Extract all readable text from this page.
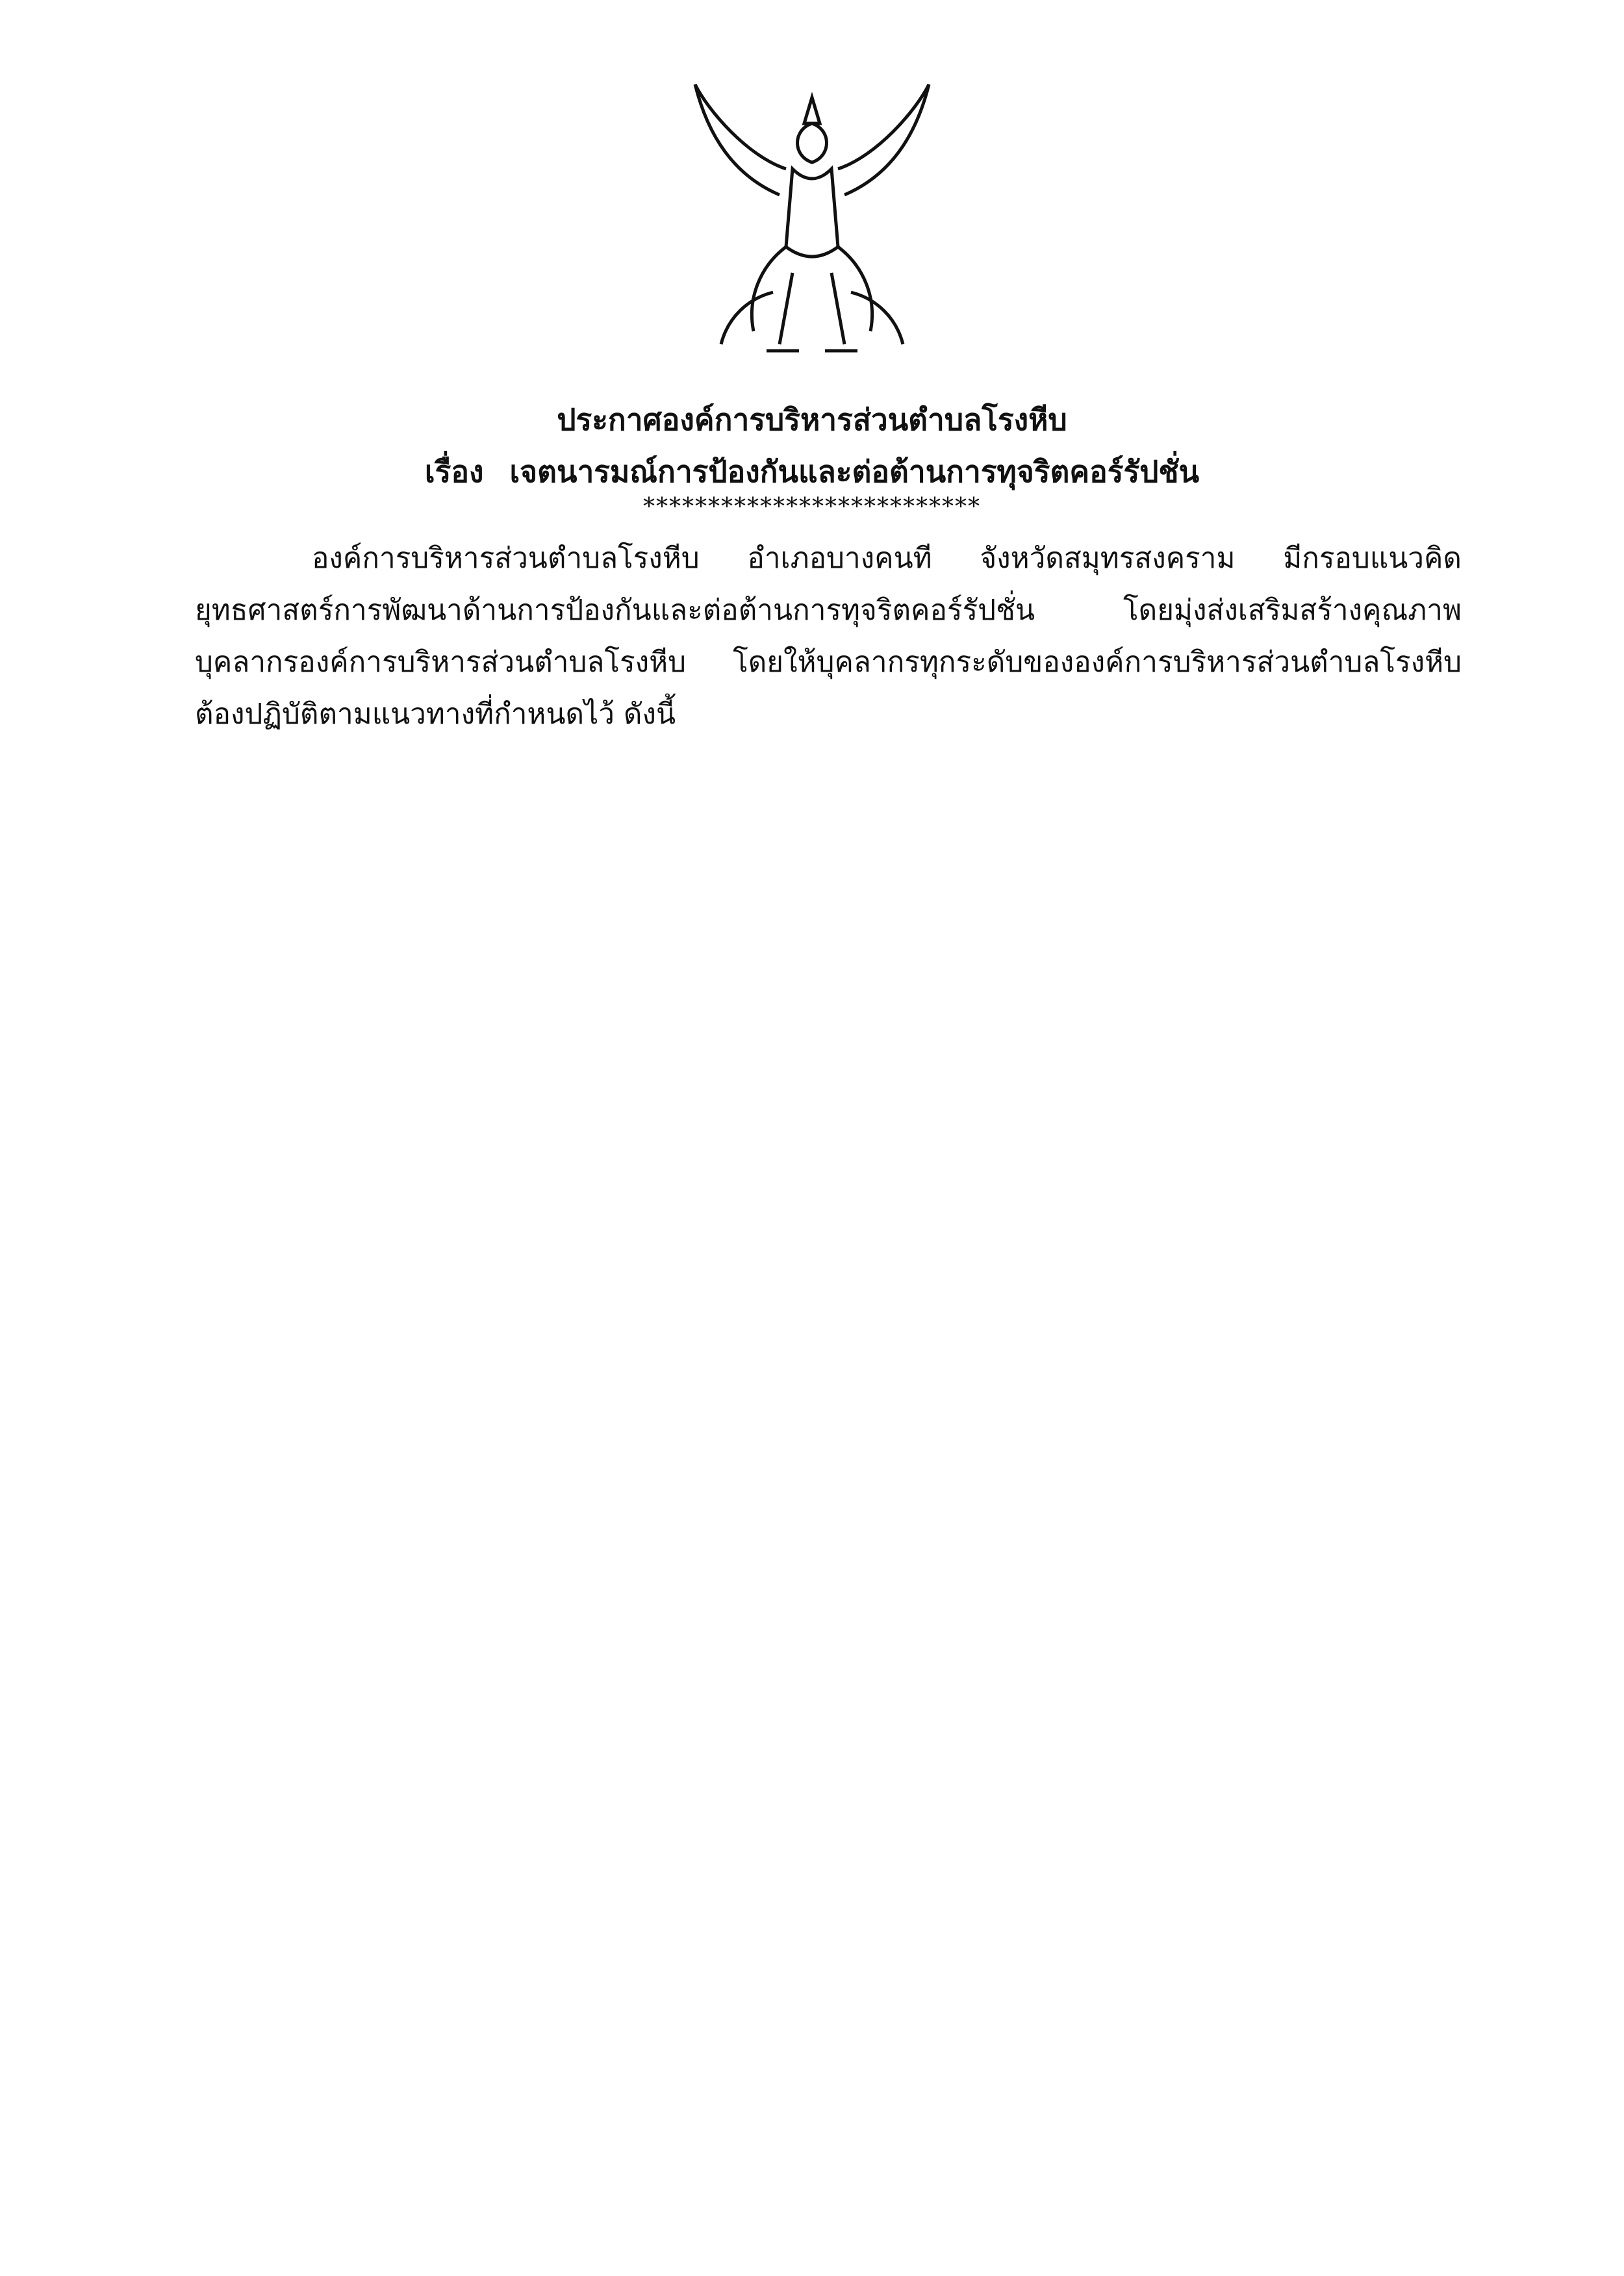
ประกาศองค์การบริหารส่วนตำบลโรงหีบ
เรื่อง เจตนารมณ์การป้องกันและต่อต้านการทุจริตคอร์รัปชั่น
**************************

องค์การบริหารส่วนตำบลโรงหีบ อำเภอบางคนที จังหวัดสมุทรสงคราม มีกรอบแนวคิดยุทธศาสตร์การพัฒนาด้านการป้องกันและต่อต้านการทุจริตคอร์รัปชั่น โดยมุ่งส่งเสริมสร้างคุณภาพบุคลากรองค์การบริหารส่วนตำบลโรงหีบ โดยให้บุคลากรทุกระดับขององค์การบริหารส่วนตำบลโรงหีบต้องปฏิบัติตามแนวทางที่กำหนดไว้ ดังนี้
